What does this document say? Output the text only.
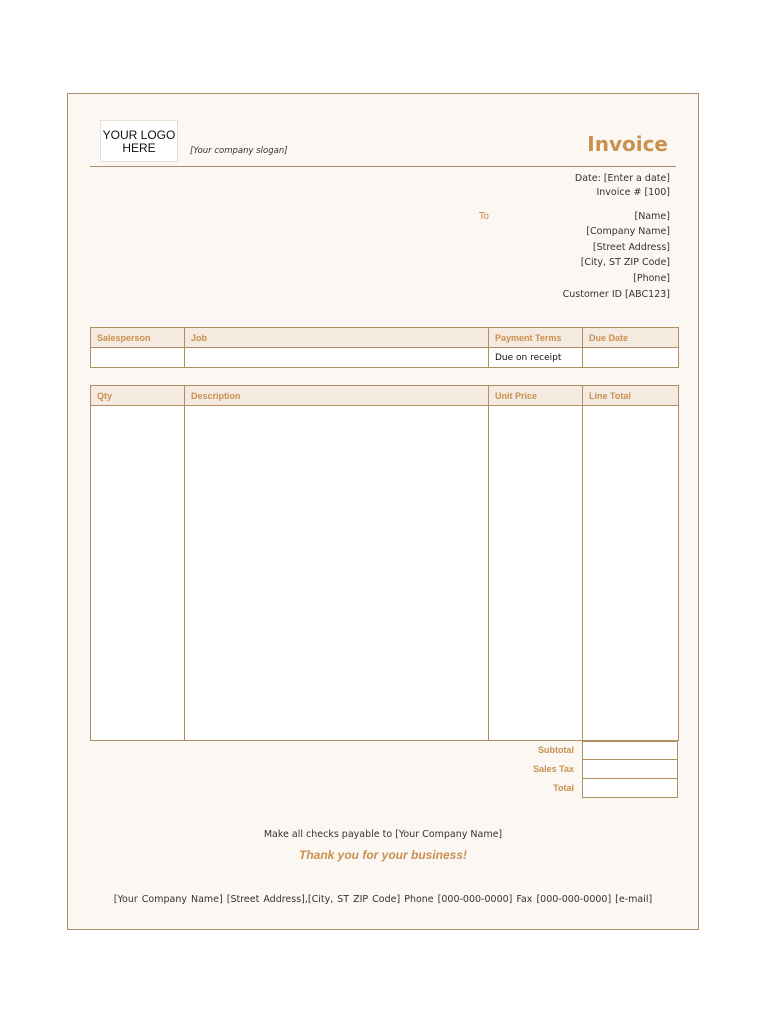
YOUR LOGO
HERE	[Your company slogan]	Invoice
Date: [Enter a date]
Invoice # [100]
To	[Name]
[Company Name]
[Street Address]
[City, ST ZIP Code]
[Phone]
Customer ID [ABC123]
Salesperson	Job	Payment Terms	Due Date
		Due on receipt	
Qty	Description	Unit Price	Line Total

Subtotal
Sales Tax
Total
Make all checks payable to [Your Company Name]
Thank you for your business!
[Your Company Name] [Street Address],[City, ST ZIP Code] Phone [000-000-0000] Fax [000-000-0000] [e-mail]
